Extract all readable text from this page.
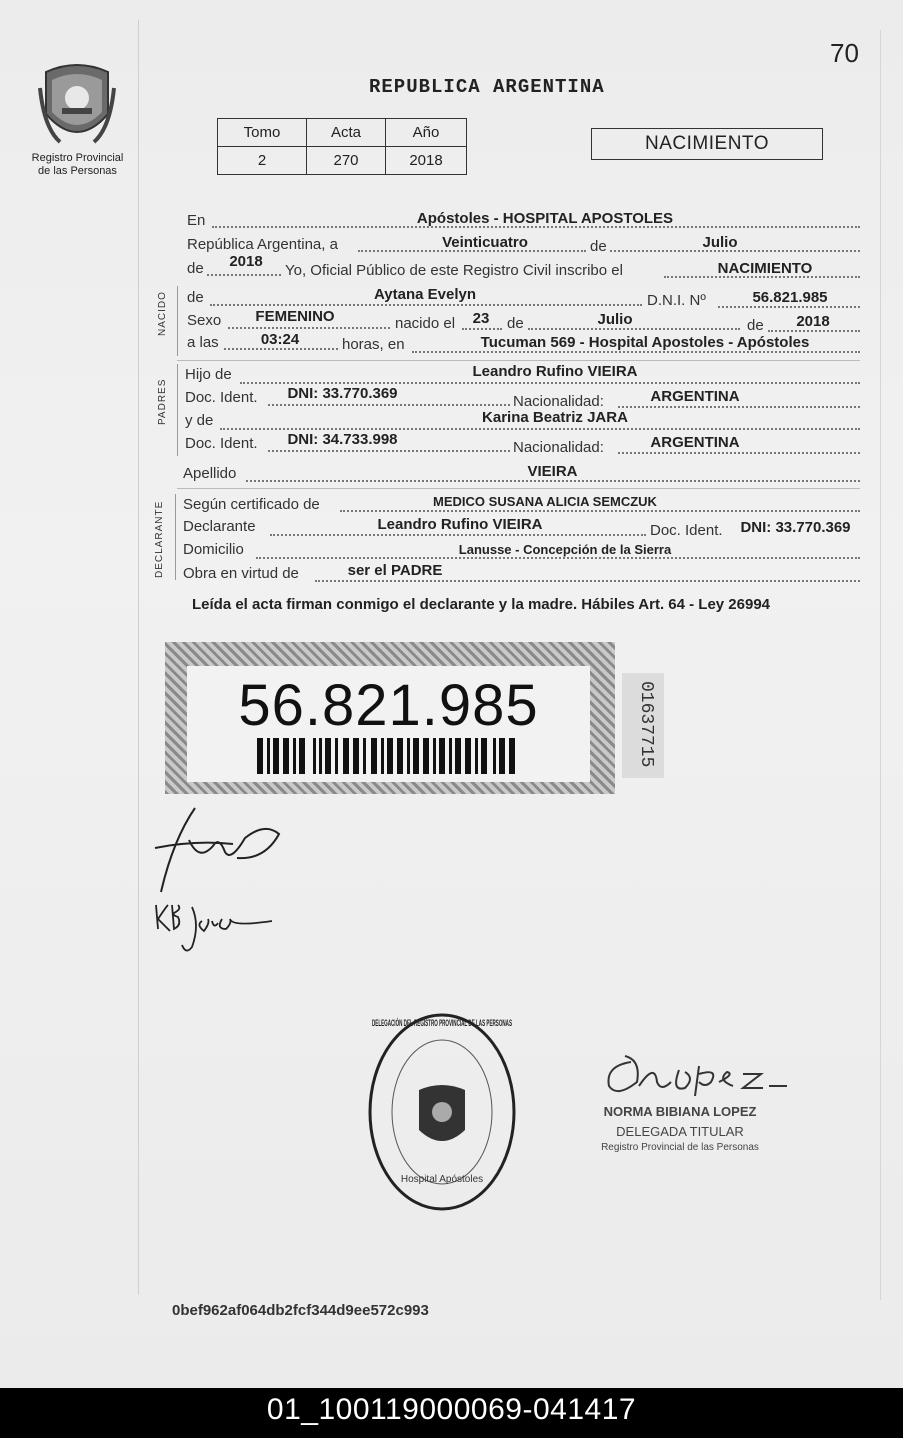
70
Registro Provincial
de las Personas
REPUBLICA ARGENTINA
Tomo	Acta	Año
2	270	2018
NACIMIENTO
En	Apóstoles - HOSPITAL APOSTOLES
República Argentina, a	Veinticuatro	de	Julio
de	2018
Yo, Oficial Público de este Registro Civil inscribo el	NACIMIENTO
NACIDO de	Aytana Evelyn	D.N.I. Nº	56.821.985
Sexo	FEMENINO	nacido el	23	de	Julio	de	2018
a las	03:24	horas, en	Tucuman 569 - Hospital Apostoles - Apóstoles
PADRES
Hijo de	Leandro Rufino VIEIRA
Doc. Ident.	DNI: 33.770.369	Nacionalidad:	ARGENTINA
y de	Karina Beatriz JARA
Doc. Ident.	DNI: 34.733.998	Nacionalidad:	ARGENTINA
Apellido	VIEIRA
DECLARANTE Según certificado de	MEDICO SUSANA ALICIA SEMCZUK
Declarante	Leandro Rufino VIEIRA	Doc. Ident.	DNI: 33.770.369
Domicilio	Lanusse - Concepción de la Sierra
Obra en virtud de	ser el PADRE
Leída el acta firman conmigo el declarante y la madre. Hábiles Art. 64 - Ley 26994
56.821.985	01637715
DELEGACIÓN DEL REGISTRO PROVINCIAL DE LAS PERSONAS
Hospital Apóstoles
NORMA BIBIANA LOPEZ
DELEGADA TITULAR
Registro Provincial de las Personas
0bef962af064db2fcf344d9ee572c993
01_100119000069-041417
